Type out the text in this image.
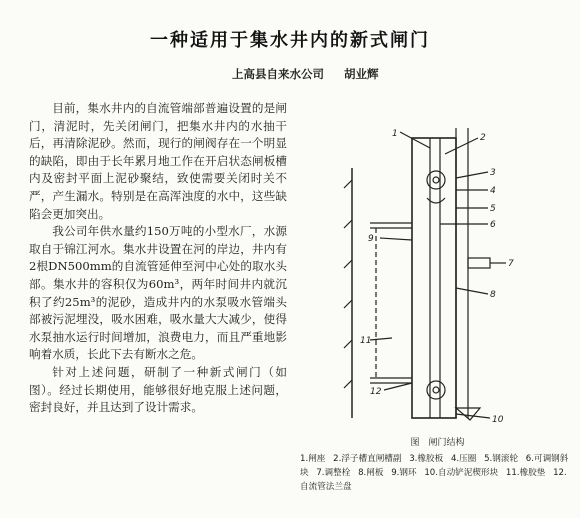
一种适用于集水井内的新式闸门
上高县自来水公司 胡业辉

目前，集水井内的自流管端部普遍设置的是闸门，清泥时，先关闭闸门，把集水井内的水抽干后，再清除泥砂。然而，现行的闸阀存在一个明显的缺陷，即由于长年累月地工作在开启状态闸板槽内及密封平面上泥砂聚结，致使需要关闭时关不严，产生漏水。特别是在高浑浊度的水中，这些缺陷会更加突出。

我公司年供水量约150万吨的小型水厂，水源取自于锦江河水。集水井设置在河的岸边，井内有2根DN500mm的自流管延伸至河中心处的取水头部。集水井的容积仅为60m³，两年时间井内就沉积了约25m³的泥砂，造成井内的水泵吸水管端头部被污泥埋没，吸水困难，吸水量大大减少，使得水泵抽水运行时间增加，浪费电力，而且严重地影响着水质，长此下去有断水之危。

针对上述问题，研制了一种新式闸门（如图）。经过长期使用，能够很好地克服上述问题，密封良好，并且达到了设计需求。

1	2
3
4
5
6
7
8
9
10
11
12
图　闸门结构
1.闸座 2.浮子槽直闸槽副 3.橡胶板 4.压圈 5.钢滚轮 6.可调钢斜块 7.调整栓 8.闸板 9.钢环 10.自动铲泥楔形块 11.橡胶垫 12.自流管法兰盘
